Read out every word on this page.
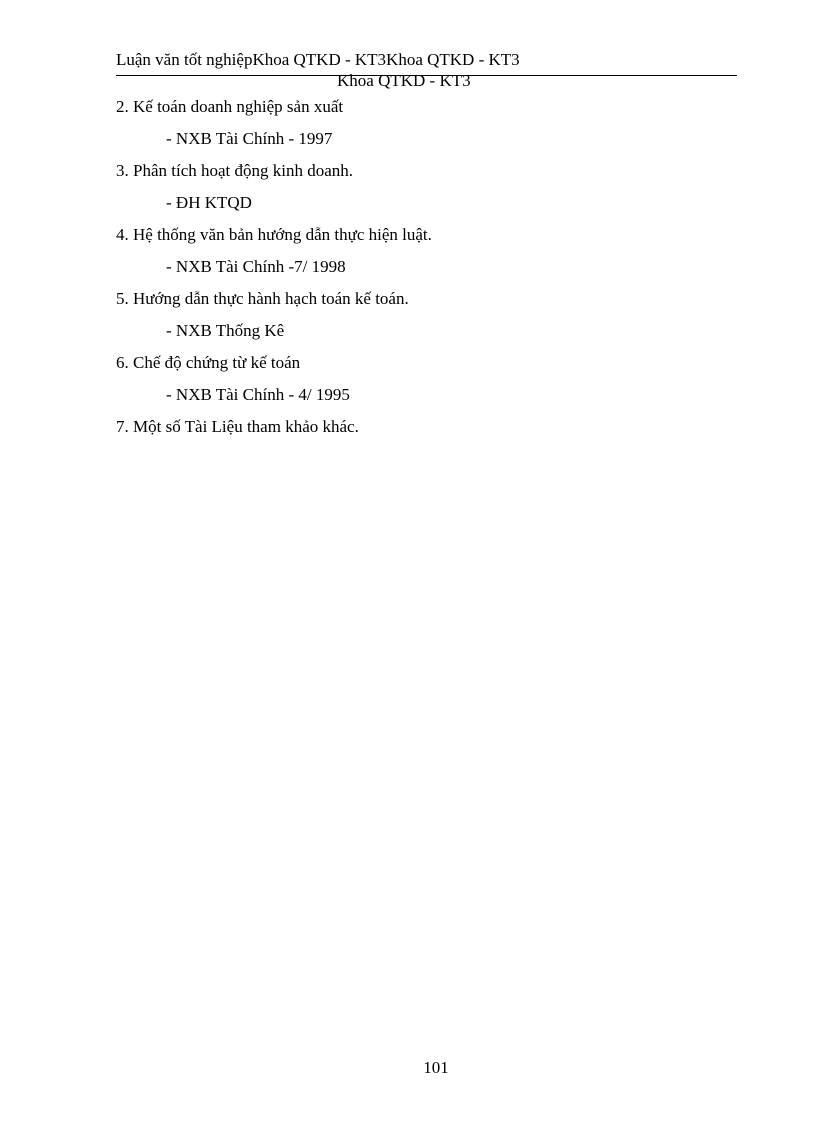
Luận văn tốt nghiệpKhoa QTKD - KT3Khoa QTKD - KT3
Khoa QTKD - KT3
2. Kế toán doanh nghiệp sản xuất
- NXB Tài Chính - 1997
3. Phân tích hoạt động kinh doanh.
- ĐH KTQD
4. Hệ thống văn bản hướng dẫn thực hiện luật.
- NXB Tài Chính -7/ 1998
5. Hướng dẫn thực hành hạch toán kế toán.
- NXB Thống Kê
6. Chế độ chứng từ kế toán
- NXB Tài Chính - 4/ 1995
7. Một số Tài Liệu tham khảo khác.
101
